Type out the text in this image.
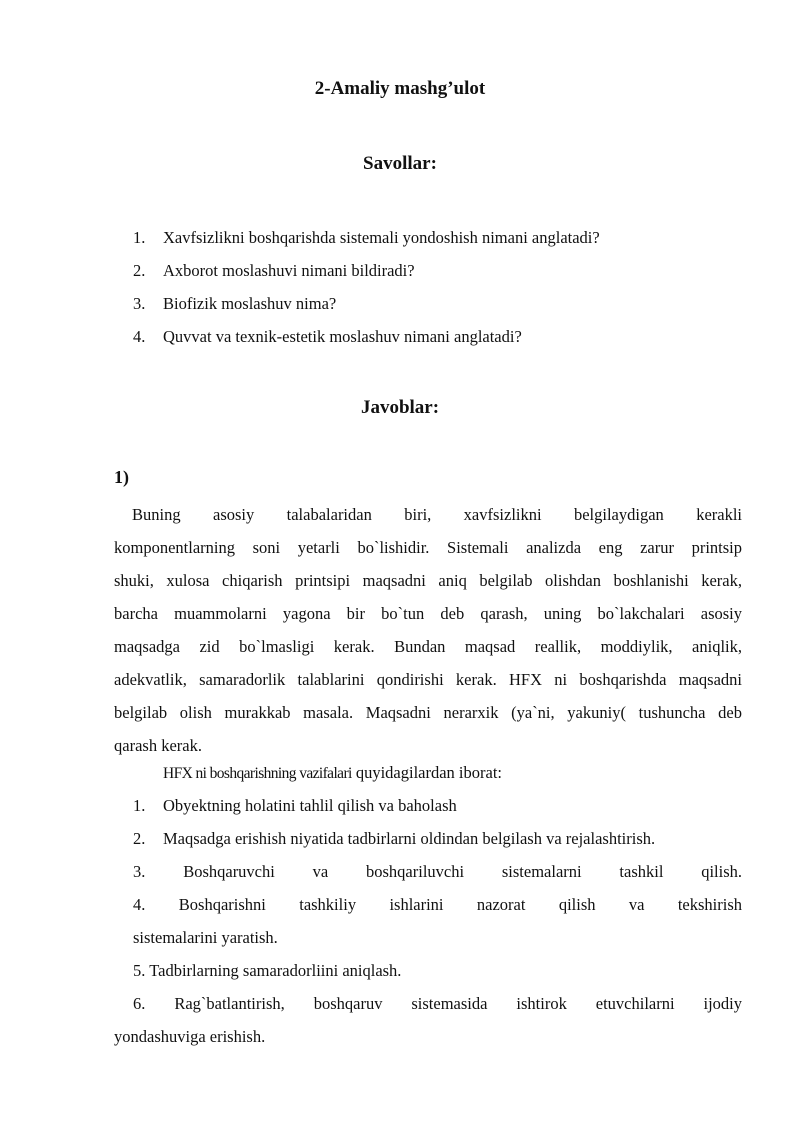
2-Amaliy mashg’ulot
Savollar:
1. Xavfsizlikni boshqarishda sistemali yondoshish nimani anglatadi?
2. Axborot moslashuvi nimani bildiradi?
3. Biofizik moslashuv nima?
4. Quvvat va texnik-estetik moslashuv nimani anglatadi?
Javoblar:
1)
Buning asosiy talabalaridan biri, xavfsizlikni belgilaydigan kerakli
komponentlarning soni yetarli bo`lishidir. Sistemali analizda eng zarur printsip
shuki, xulosa chiqarish printsipi maqsadni aniq belgilab olishdan boshlanishi kerak,
barcha muammolarni yagona bir bo`tun deb qarash, uning bo`lakchalari asosiy
maqsadga zid bo`lmasligi kerak. Bundan maqsad reallik, moddiylik, aniqlik,
adekvatlik, samaradorlik talablarini qondirishi kerak. HFX ni boshqarishda maqsadni
belgilab olish murakkab masala. Maqsadni nerarxik (ya`ni, yakuniy( tushuncha deb
qarash kerak.
HFX ni boshqarishning vazifalari quyidagilardan iborat:
1. Obyektning holatini tahlil qilish va baholash
2. Maqsadga erishish niyatida tadbirlarni oldindan belgilash va rejalashtirish.
3. Boshqaruvchi va boshqariluvchi sistemalarni tashkil qilish.
4. Boshqarishni tashkiliy ishlarini nazorat qilish va tekshirish
sistemalarini yaratish.
5. Tadbirlarning samaradorliini aniqlash.
6. Rag`batlantirish, boshqaruv sistemasida ishtirok etuvchilarni ijodiy
yondashuviga erishish.
